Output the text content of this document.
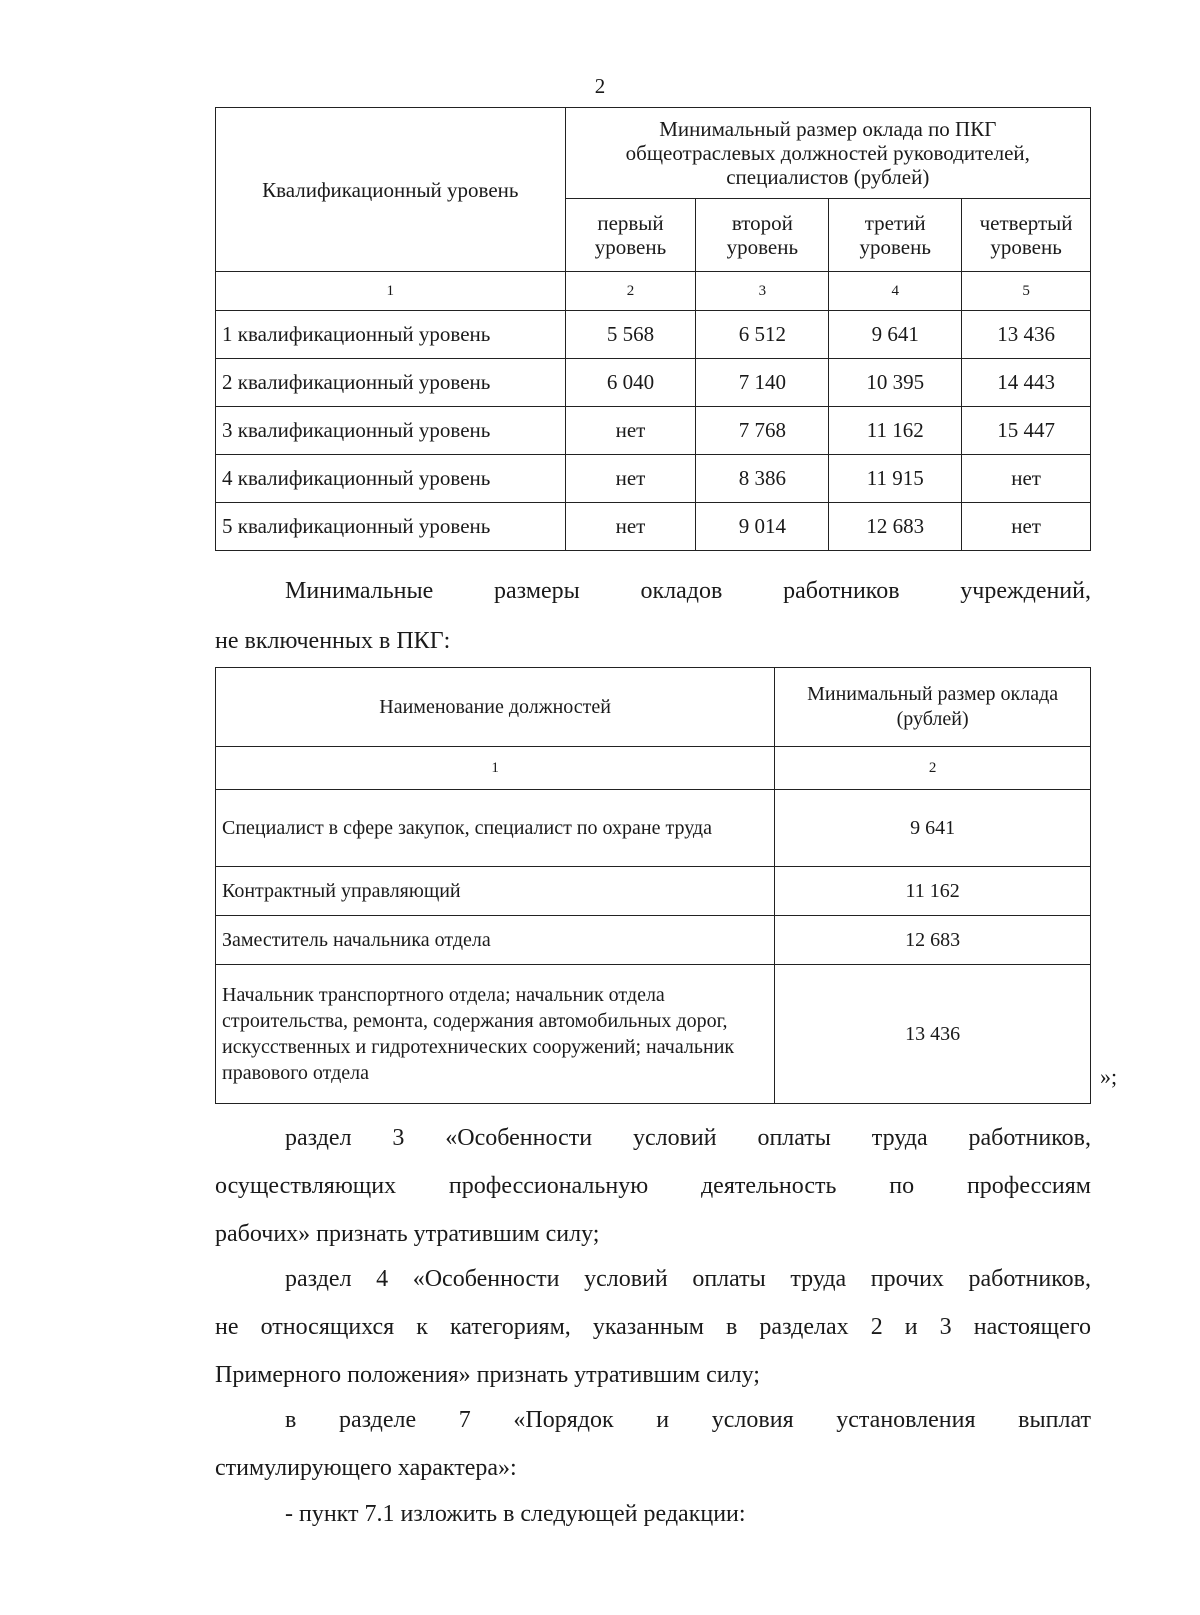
2
Квалификационный уровень	Минимальный размер оклада по ПКГ общеотраслевых должностей руководителей, специалистов (рублей)			
	первый уровень	второй уровень	третий уровень	четвертый уровень
1	2	3	4	5
1 квалификационный уровень	5 568	6 512	9 641	13 436
2 квалификационный уровень	6 040	7 140	10 395	14 443
3 квалификационный уровень	нет	7 768	11 162	15 447
4 квалификационный уровень	нет	8 386	11 915	нет
5 квалификационный уровень	нет	9 014	12 683	нет
Минимальные	размеры	окладов	работников	учреждений,
не включенных в ПКГ:
Наименование должностей	Минимальный размер оклада (рублей)
1	2
Специалист в сфере закупок, специалист по охране труда	9 641
Контрактный управляющий	11 162
Заместитель начальника отдела	12 683
Начальник транспортного отдела; начальник отдела строительства, ремонта, содержания автомобильных дорог, искусственных и гидротехнических сооружений; начальник правового отдела	13 436
»;
раздел 3 «Особенности условий оплаты труда работников,
осуществляющих профессиональную деятельность по профессиям
рабочих» признать утратившим силу;
раздел 4 «Особенности условий оплаты труда прочих работников,
не относящихся к категориям, указанным в разделах 2 и 3 настоящего
Примерного положения» признать утратившим силу;
в разделе 7 «Порядок и условия установления выплат
стимулирующего характера»:
- пункт 7.1 изложить в следующей редакции:
